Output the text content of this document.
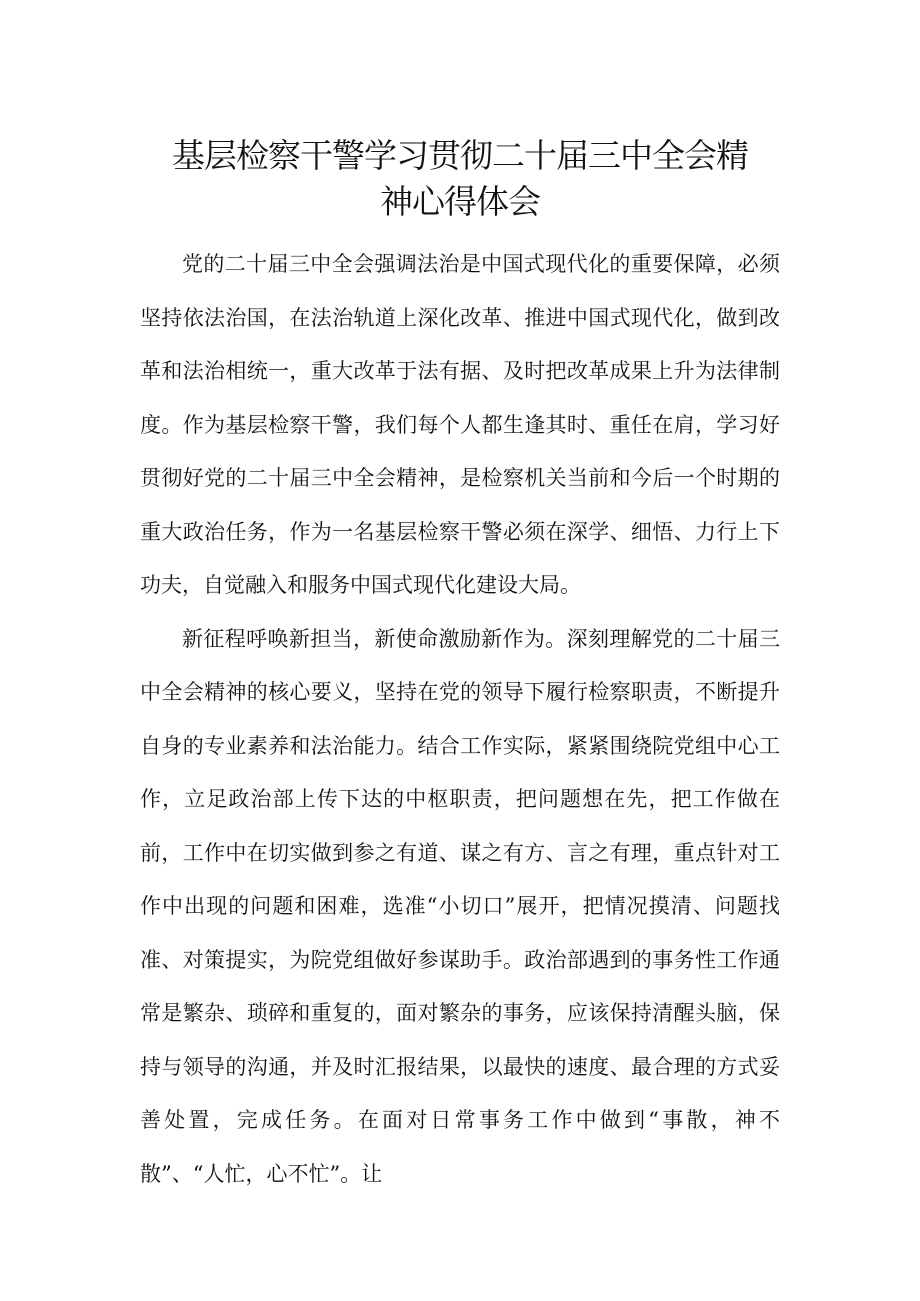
基层检察干警学习贯彻二十届三中全会精
神心得体会

党的二十届三中全会强调法治是中国式现代化的重要保障，必须坚持依法治国，在法治轨道上深化改革、推进中国式现代化，做到改革和法治相统一，重大改革于法有据、及时把改革成果上升为法律制度。作为基层检察干警，我们每个人都生逢其时、重任在肩，学习好贯彻好党的二十届三中全会精神，是检察机关当前和今后一个时期的重大政治任务，作为一名基层检察干警必须在深学、细悟、力行上下功夫，自觉融入和服务中国式现代化建设大局。

新征程呼唤新担当，新使命激励新作为。深刻理解党的二十届三中全会精神的核心要义，坚持在党的领导下履行检察职责，不断提升自身的专业素养和法治能力。结合工作实际，紧紧围绕院党组中心工作，立足政治部上传下达的中枢职责，把问题想在先，把工作做在前，工作中在切实做到参之有道、谋之有方、言之有理，重点针对工作中出现的问题和困难，选准“小切口”展开，把情况摸清、问题找准、对策提实，为院党组做好参谋助手。政治部遇到的事务性工作通常是繁杂、琐碎和重复的，面对繁杂的事务，应该保持清醒头脑，保持与领导的沟通，并及时汇报结果，以最快的速度、最合理的方式妥善处置，完成任务。在面对日常事务工作中做到“事散，神不散”、“人忙，心不忙”。让
